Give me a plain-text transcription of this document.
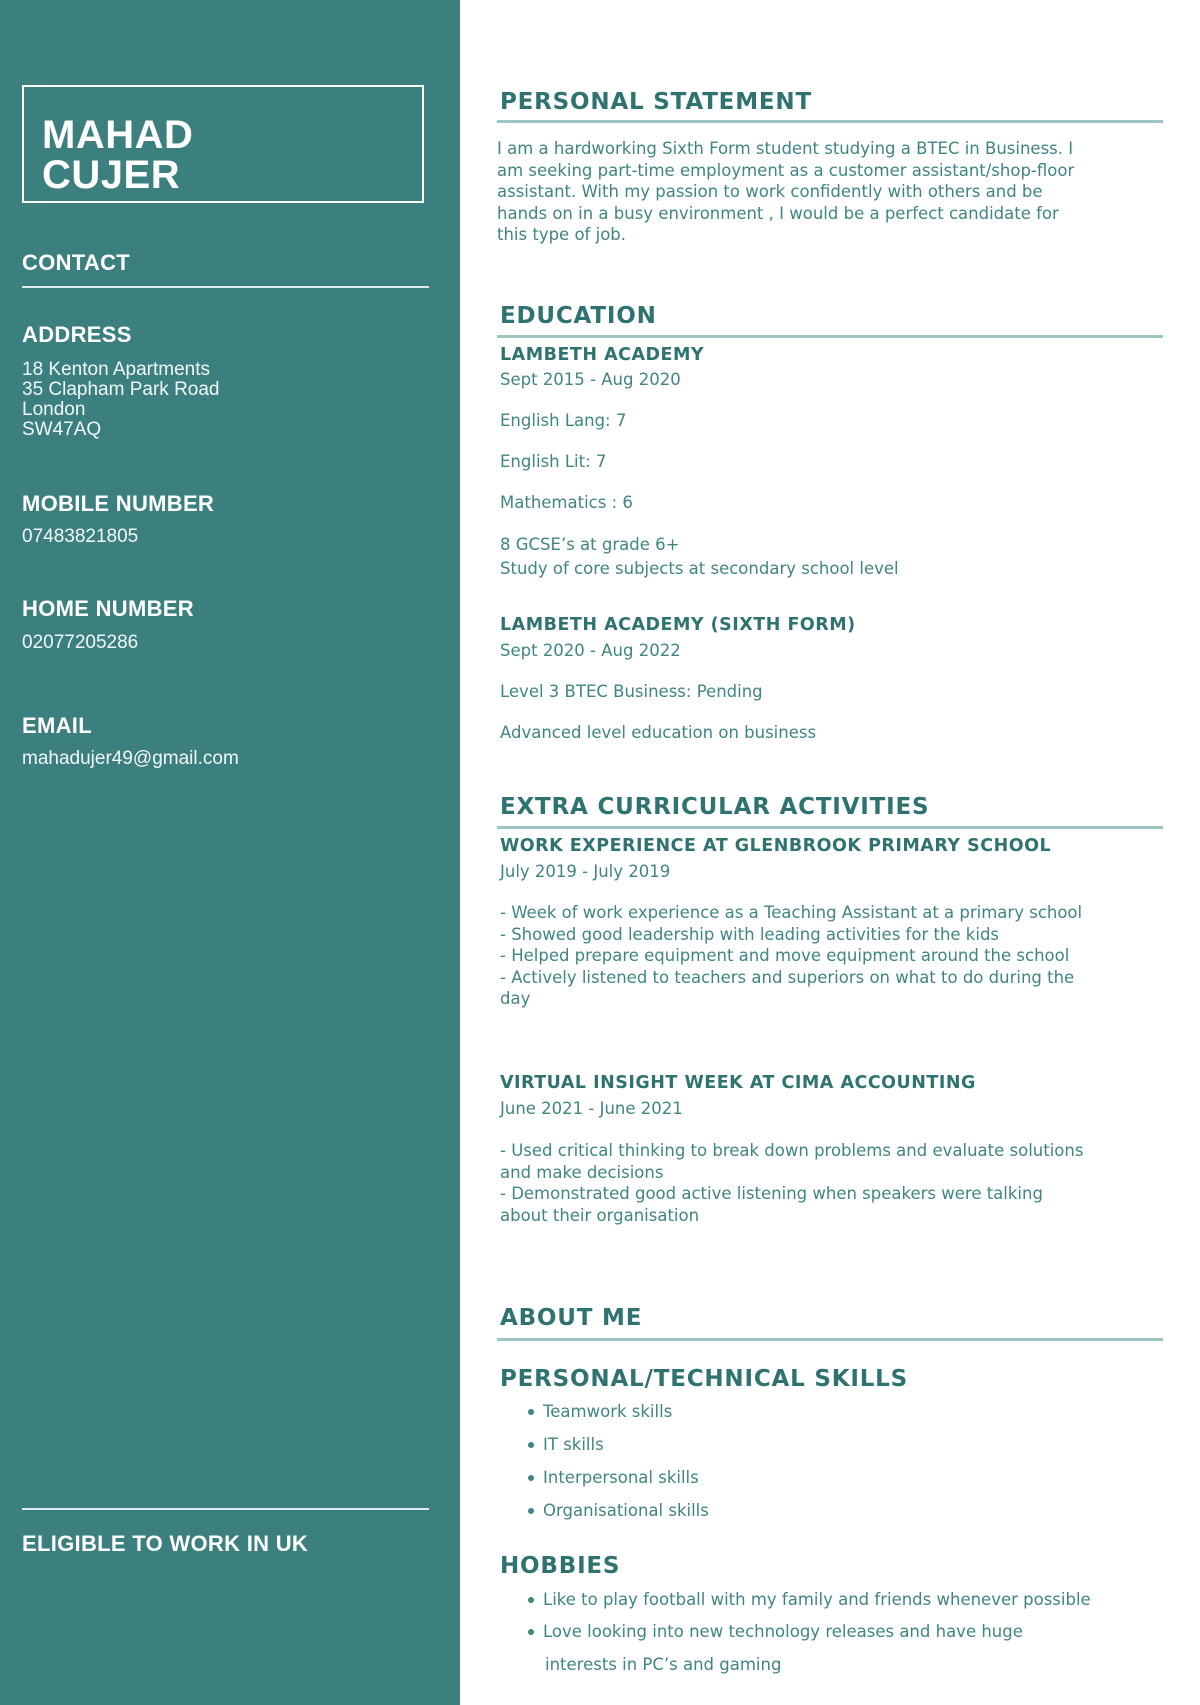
MAHAD
CUJER
CONTACT
ADDRESS
18 Kenton Apartments
35 Clapham Park Road
London
SW47AQ
MOBILE NUMBER
07483821805
HOME NUMBER
02077205286
EMAIL
mahadujer49@gmail.com
ELIGIBLE TO WORK IN UK
PERSONAL STATEMENT
I am a hardworking Sixth Form student studying a BTEC in Business. I
am seeking part-time employment as a customer assistant/shop-floor
assistant. With my passion to work confidently with others and be
hands on in a busy environment , I would be a perfect candidate for
this type of job.
EDUCATION
LAMBETH ACADEMY
Sept 2015 - Aug 2020
English Lang: 7
English Lit: 7
Mathematics : 6
8 GCSE’s at grade 6+
Study of core subjects at secondary school level
LAMBETH ACADEMY (SIXTH FORM)
Sept 2020 - Aug 2022
Level 3 BTEC Business: Pending
Advanced level education on business
EXTRA CURRICULAR ACTIVITIES
WORK EXPERIENCE AT GLENBROOK PRIMARY SCHOOL
July 2019 - July 2019
- Week of work experience as a Teaching Assistant at a primary school
- Showed good leadership with leading activities for the kids
- Helped prepare equipment and move equipment around the school
- Actively listened to teachers and superiors on what to do during the
day
VIRTUAL INSIGHT WEEK AT CIMA ACCOUNTING
June 2021 - June 2021
- Used critical thinking to break down problems and evaluate solutions
and make decisions
- Demonstrated good active listening when speakers were talking
about their organisation
ABOUT ME
PERSONAL/TECHNICAL SKILLS
Teamwork skills
IT skills
Interpersonal skills
Organisational skills
HOBBIES
Like to play football with my family and friends whenever possible
Love looking into new technology releases and have huge
interests in PC’s and gaming
